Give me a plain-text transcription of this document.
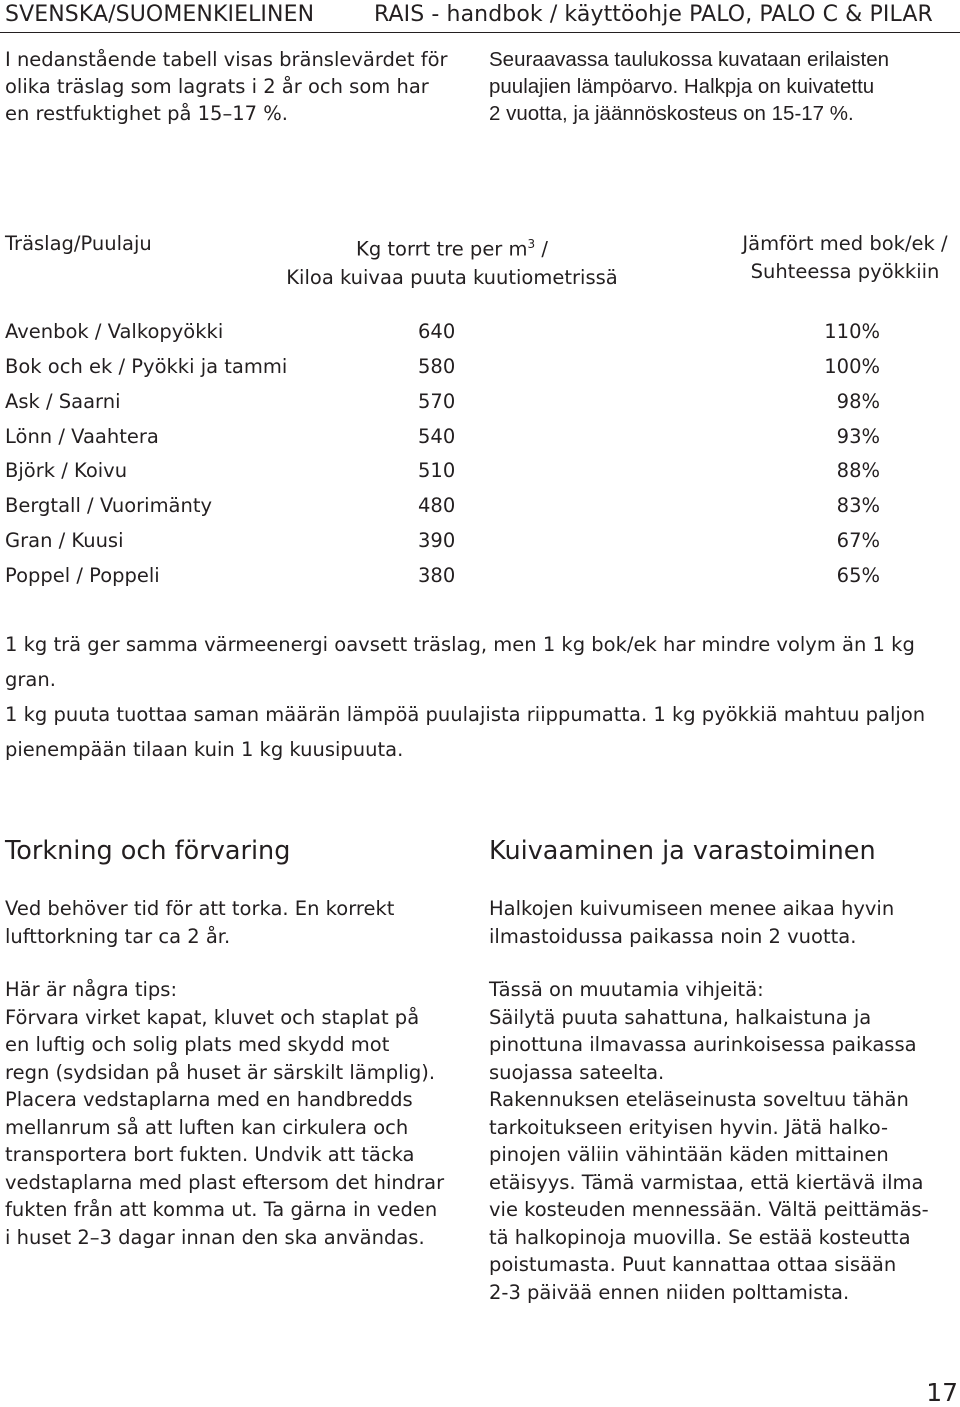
SVENSKA/SUOMENKIELINEN	RAIS - handbok / käyttöohje PALO, PALO C & PILAR
I nedanstående tabell visas bränslevärdet för
olika träslag som lagrats i 2 år och som har
en restfuktighet på 15–17 %.
Seuraavassa taulukossa kuvataan erilaisten
puulajien lämpöarvo. Halkpja on kuivatettu
2 vuotta, ja jäännöskosteus on 15-17 %.
Träslag/Puulaju	Kg torrt tre per $m^3$ /
Kiloa kuivaa puuta kuutiometrissä
Jämfört med bok/ek /
Suhteessa pyökkiin
Avenbok / Valkopyökki	640	110%
Bok och ek / Pyökki ja tammi	580	100%
Ask / Saarni	570	98%
Lönn / Vaahtera	540	93%
Björk / Koivu	510	88%
Bergtall / Vuorimänty	480	83%
Gran / Kuusi	390	67%
Poppel / Poppeli	380	65%
1 kg trä ger samma värmeenergi oavsett träslag, men 1 kg bok/ek har mindre volym än 1 kg gran.
1 kg puuta tuottaa saman määrän lämpöä puulajista riippumatta. 1 kg pyökkiä mahtuu paljon pienempään tilaan kuin 1 kg kuusipuuta.
Torkning och förvaring	Kuivaaminen ja varastoiminen
Ved behöver tid för att torka. En korrekt
lufttorkning tar ca 2 år.
Halkojen kuivumiseen menee aikaa hyvin
ilmastoidussa paikassa noin 2 vuotta.
Här är några tips:
Förvara virket kapat, kluvet och staplat på
en luftig och solig plats med skydd mot
regn (sydsidan på huset är särskilt lämplig).
Placera vedstaplarna med en handbredds
mellanrum så att luften kan cirkulera och
transportera bort fukten. Undvik att täcka
vedstaplarna med plast eftersom det hindrar
fukten från att komma ut. Ta gärna in veden
i huset 2–3 dagar innan den ska användas.
Tässä on muutamia vihjeitä:
Säilytä puuta sahattuna, halkaistuna ja
pinottuna ilmavassa aurinkoisessa paikassa
suojassa sateelta.
Rakennuksen eteläseinusta soveltuu tähän
tarkoitukseen erityisen hyvin. Jätä halko-
pinojen väliin vähintään käden mittainen
etäisyys. Tämä varmistaa, että kiertävä ilma
vie kosteuden mennessään. Vältä peittämäs-
tä halkopinoja muovilla. Se estää kosteutta
poistumasta. Puut kannattaa ottaa sisään
2-3 päivää ennen niiden polttamista.
17
